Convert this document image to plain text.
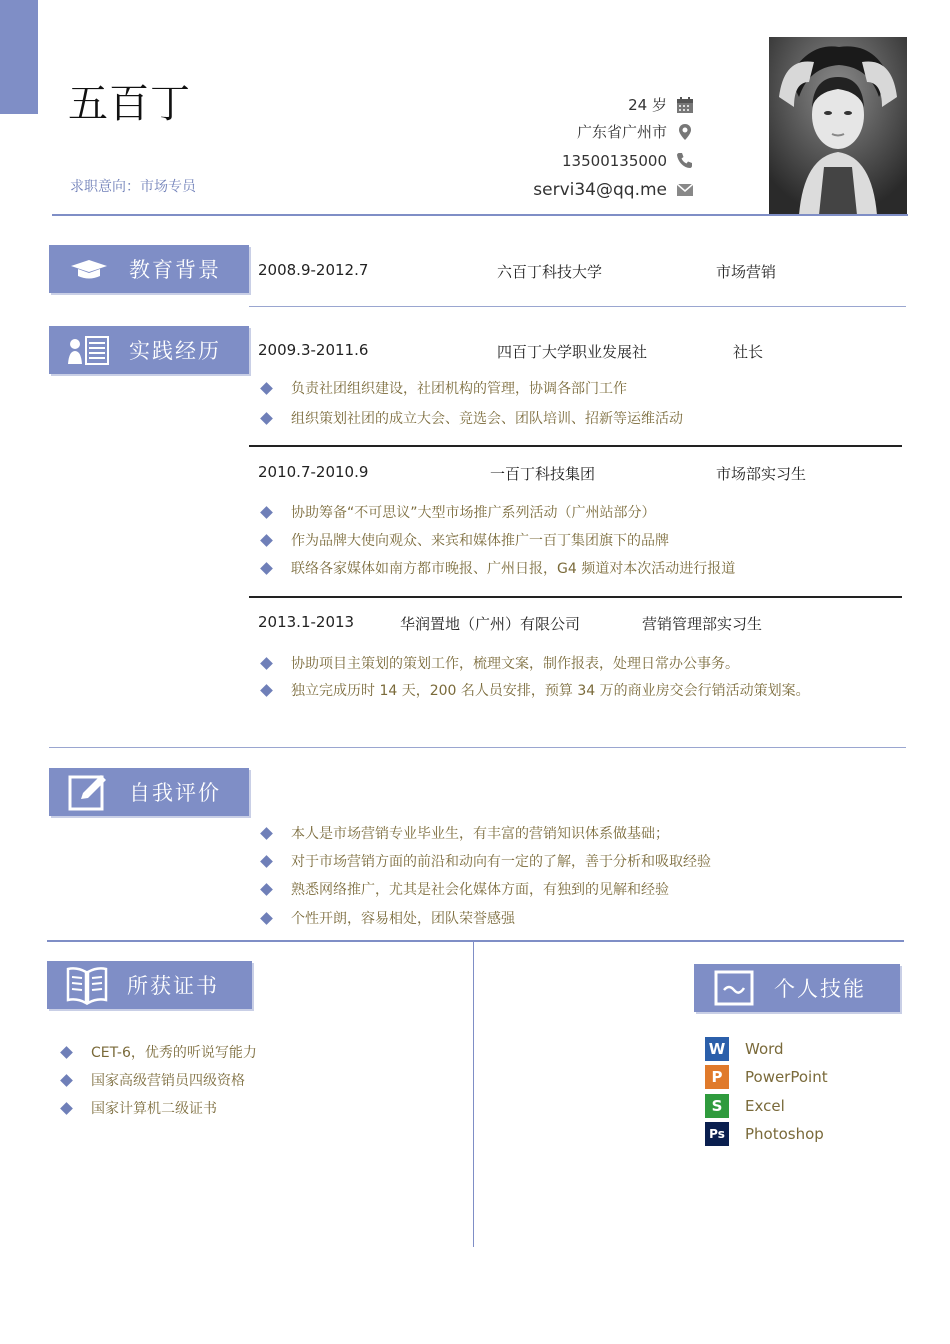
五百丁
求职意向：市场专员
24 岁
广东省广州市
13500135000
servi34@qq.me
教育背景 2008.9-2012.7	六百丁科技大学	市场营销
实践经历 2009.3-2011.6	四百丁大学职业发展社	社长
负责社团组织建设，社团机构的管理，协调各部门工作
组织策划社团的成立大会、竞选会、团队培训、招新等运维活动
2010.7-2010.9	一百丁科技集团	市场部实习生
协助筹备“不可思议”大型市场推广系列活动（广州站部分）
作为品牌大使向观众、来宾和媒体推广一百丁集团旗下的品牌
联络各家媒体如南方都市晚报、广州日报，G4 频道对本次活动进行报道
2013.1-2013	华润置地（广州）有限公司	营销管理部实习生
协助项目主策划的策划工作，梳理文案，制作报表，处理日常办公事务。
独立完成历时 14 天，200 名人员安排，预算 34 万的商业房交会行销活动策划案。
自我评价
本人是市场营销专业毕业生，有丰富的营销知识体系做基础；
对于市场营销方面的前沿和动向有一定的了解，善于分析和吸取经验
熟悉网络推广，尤其是社会化媒体方面，有独到的见解和经验
个性开朗，容易相处，团队荣誉感强
所获证书
CET-6，优秀的听说写能力
国家高级营销员四级资格
国家计算机二级证书
个人技能
W Word
P	PowerPoint
S	Excel
Ps Photoshop
